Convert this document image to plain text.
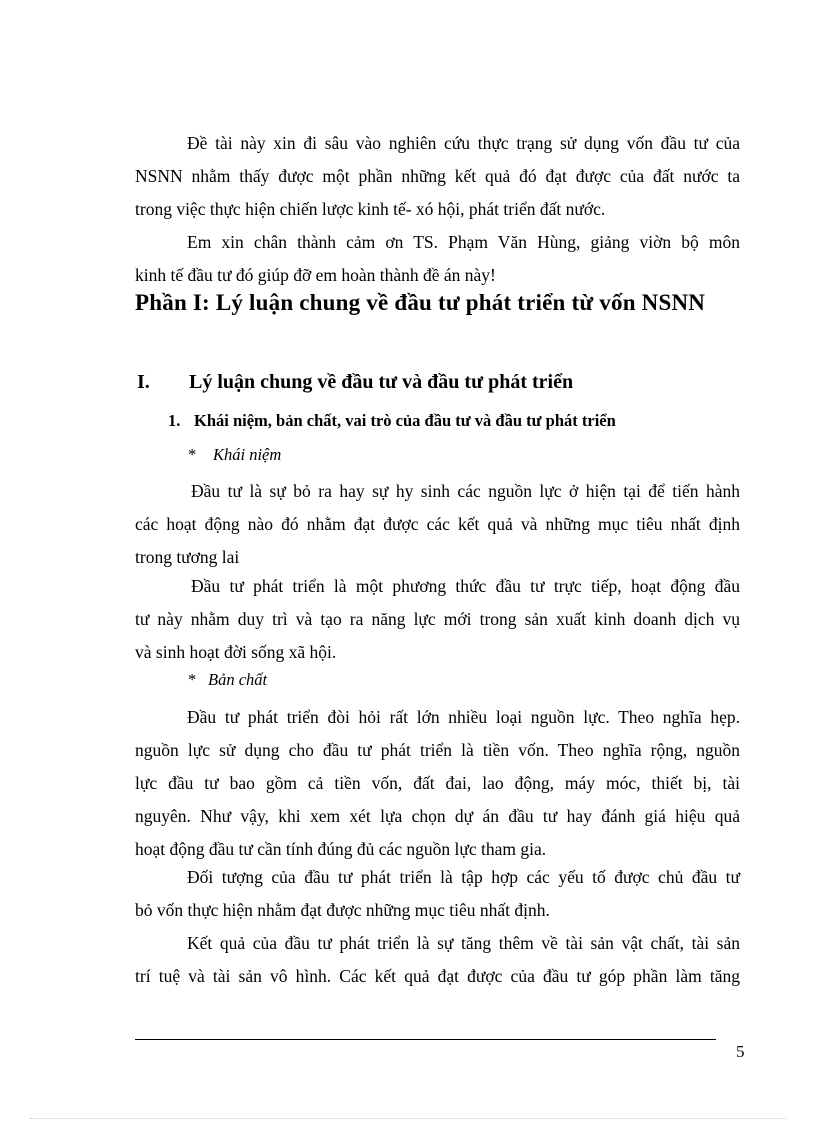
Đề tài này xin đi sâu vào nghiên cứu thực trạng sử dụng vốn đầu tư của
NSNN nhằm thấy được một phần những kết quả đó đạt được của đất nước ta
trong việc thực hiện chiến lược kinh tế- xó hội, phát triển đất nước.
Em xin chân thành cảm ơn TS. Phạm Văn Hùng, giảng viờn bộ môn
kinh tế đầu tư đó giúp đỡ em hoàn thành đề án này!
Phần I: Lý luận chung về đầu tư phát triển từ vốn NSNN
I. Lý luận chung về đầu tư và đầu tư phát triển
1. Khái niệm, bản chất, vai trò của đầu tư và đầu tư phát triển
* Khái niệm
Đầu tư là sự bỏ ra hay sự hy sinh các nguồn lực ở hiện tại để tiến hành
các hoạt động nào đó nhằm đạt được các kết quả và những mục tiêu nhất định
trong tương lai
Đầu tư phát triển là một phương thức đầu tư trực tiếp, hoạt động đầu
tư này nhằm duy trì và tạo ra năng lực mới trong sản xuất kinh doanh dịch vụ
và sinh hoạt đời sống xã hội.
* Bản chất
Đầu tư phát triển đòi hỏi rất lớn nhiều loại nguồn lực. Theo nghĩa hẹp.
nguồn lực sử dụng cho đầu tư phát triển là tiền vốn. Theo nghĩa rộng, nguồn
lực đầu tư bao gồm cả tiền vốn, đất đai, lao động, máy móc, thiết bị, tài
nguyên. Như vậy, khi xem xét lựa chọn dự án đầu tư hay đánh giá hiệu quả
hoạt động đầu tư cần tính đúng đủ các nguồn lực tham gia.
Đối tượng của đầu tư phát triển là tập hợp các yếu tố được chủ đầu tư
bỏ vốn thực hiện nhằm đạt được những mục tiêu nhất định.
Kết quả của đầu tư phát triển là sự tăng thêm về tài sản vật chất, tài sản
trí tuệ và tài sản vô hình. Các kết quả đạt được của đầu tư góp phần làm tăng
5
